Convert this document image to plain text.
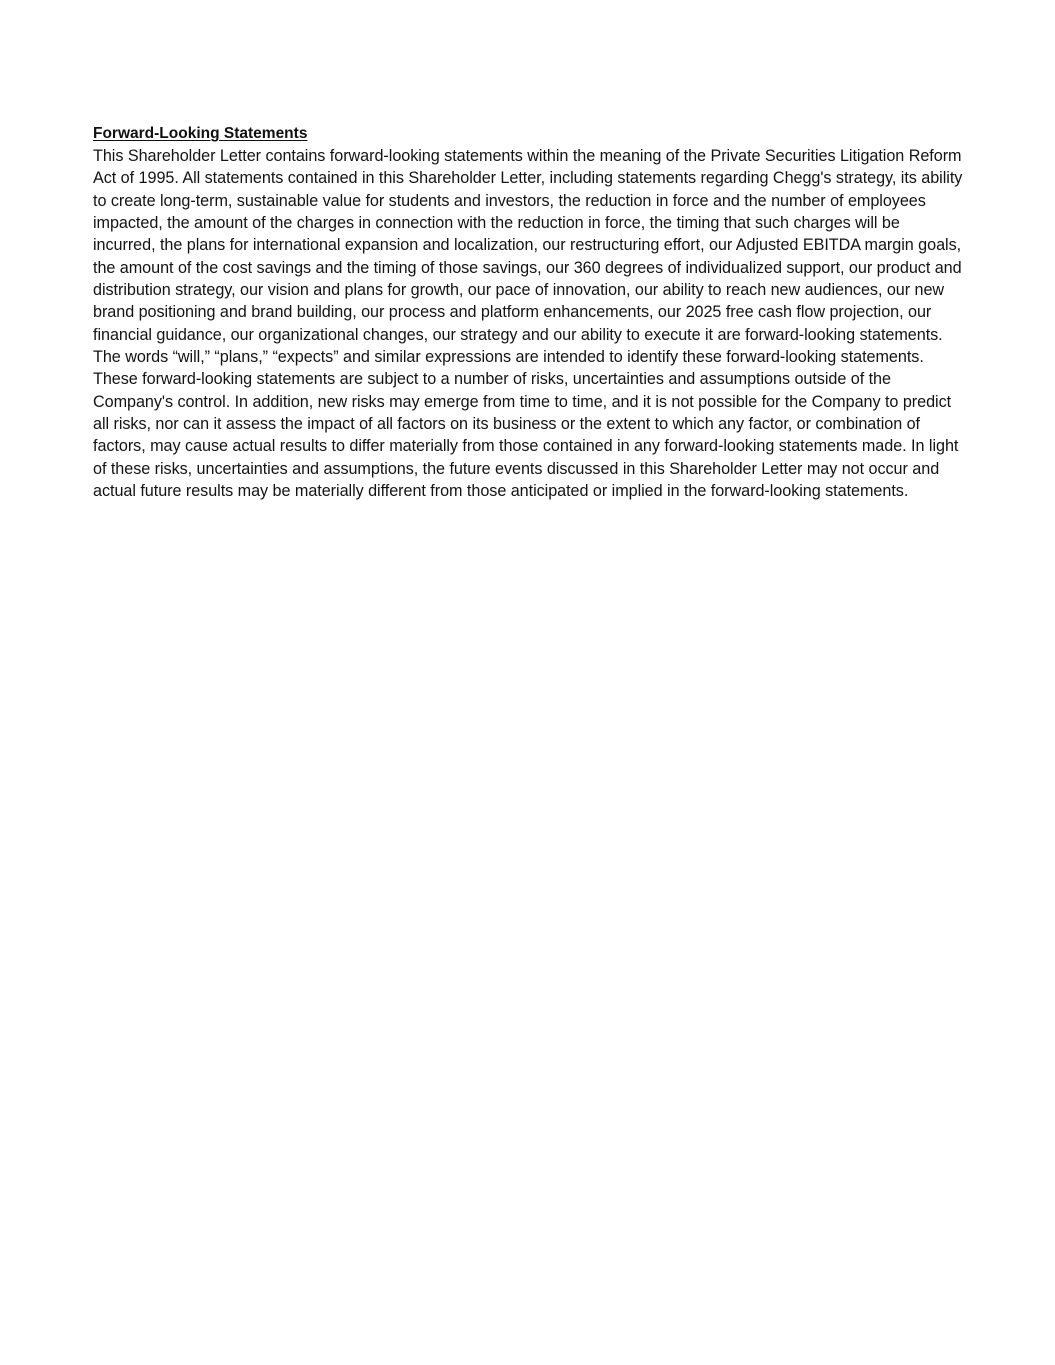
Forward-Looking Statements

This Shareholder Letter contains forward-looking statements within the meaning of the Private Securities Litigation Reform Act of 1995. All statements contained in this Shareholder Letter, including statements regarding Chegg's strategy, its ability to create long-term, sustainable value for students and investors, the reduction in force and the number of employees impacted, the amount of the charges in connection with the reduction in force, the timing that such charges will be incurred, the plans for international expansion and localization, our restructuring effort, our Adjusted EBITDA margin goals, the amount of the cost savings and the timing of those savings, our 360 degrees of individualized support, our product and distribution strategy, our vision and plans for growth, our pace of innovation, our ability to reach new audiences, our new brand positioning and brand building, our process and platform enhancements, our 2025 free cash flow projection, our financial guidance, our organizational changes, our strategy and our ability to execute it are forward-looking statements. The words “will,” “plans,” “expects” and similar expressions are intended to identify these forward-looking statements. These forward-looking statements are subject to a number of risks, uncertainties and assumptions outside of the Company's control. In addition, new risks may emerge from time to time, and it is not possible for the Company to predict all risks, nor can it assess the impact of all factors on its business or the extent to which any factor, or combination of factors, may cause actual results to differ materially from those contained in any forward-looking statements made. In light of these risks, uncertainties and assumptions, the future events discussed in this Shareholder Letter may not occur and actual future results may be materially different from those anticipated or implied in the forward-looking statements.
